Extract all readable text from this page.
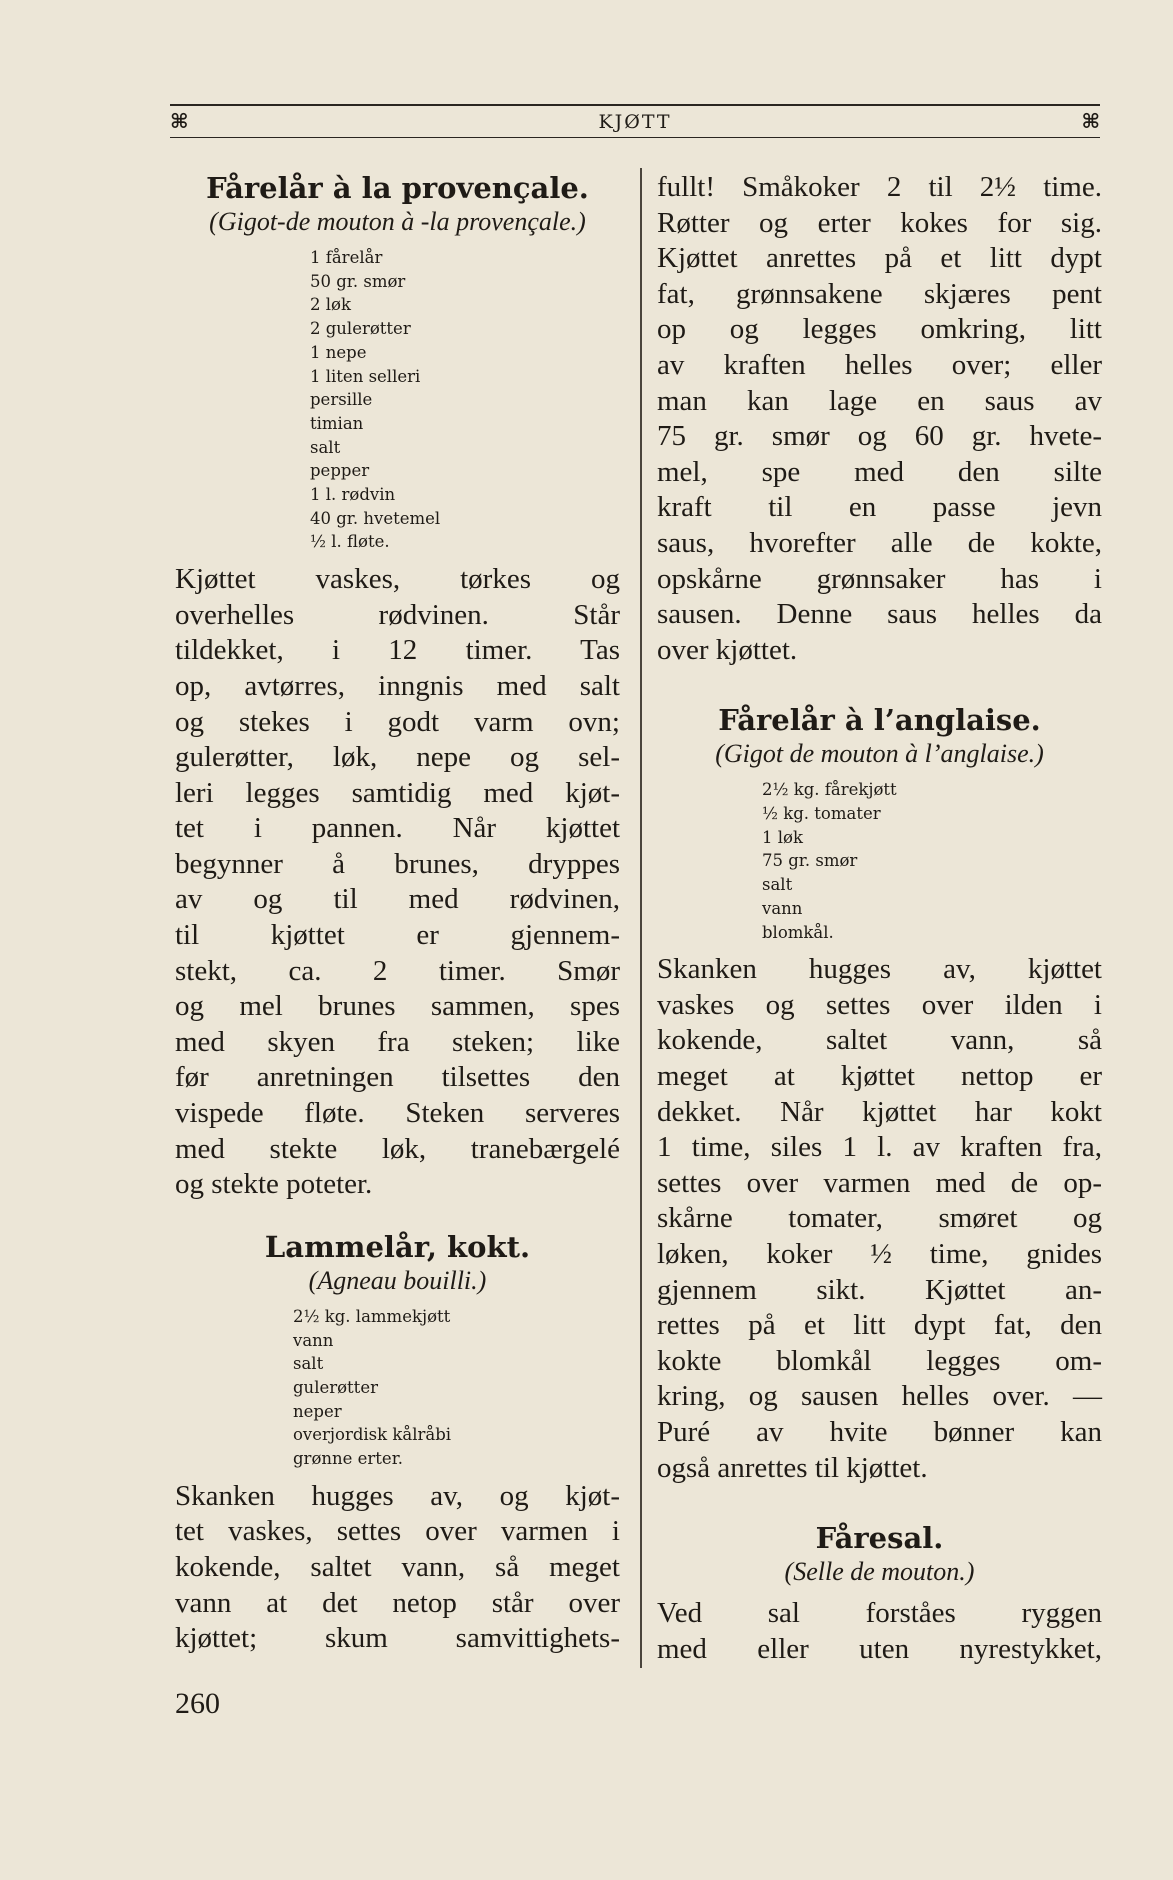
⌘	KJØTT	⌘
Fårelår à la provençale.
(Gigot-de mouton à -la provençale.)
1 fårelår
50 gr. smør
2 løk
2 gulerøtter
1 nepe
1 liten selleri
persille
timian
salt
pepper
1 l. rødvin
40 gr. hvetemel
½ l. fløte.

Kjøttet vaskes, tørkes og
overhelles rødvinen. Står
tildekket, i 12 timer. Tas
op, avtørres, inngnis med salt
og stekes i godt varm ovn;
gulerøtter, løk, nepe og sel-
leri legges samtidig med kjøt-
tet i pannen. Når kjøttet
begynner å brunes, dryppes
av og til med rødvinen,
til kjøttet er gjennem-
stekt, ca. 2 timer. Smør
og mel brunes sammen, spes
med skyen fra steken; like
før anretningen tilsettes den
vispede fløte. Steken serveres
med stekte løk, tranebærgelé
og stekte poteter.

Lammelår, kokt.
(Agneau bouilli.)
2½ kg. lammekjøtt
vann
salt
gulerøtter
neper
overjordisk kålråbi
grønne erter.

Skanken hugges av, og kjøt-
tet vaskes, settes over varmen i
kokende, saltet vann, så meget
vann at det netop står over
kjøttet; skum samvittighets-

fullt! Småkoker 2 til 2½ time.
Røtter og erter kokes for sig.
Kjøttet anrettes på et litt dypt
fat, grønnsakene skjæres pent
op og legges omkring, litt
av kraften helles over; eller
man kan lage en saus av
75 gr. smør og 60 gr. hvete-
mel, spe med den silte
kraft til en passe jevn
saus, hvorefter alle de kokte,
opskårne grønnsaker has i
sausen. Denne saus helles da
over kjøttet.

Fårelår à l’anglaise.
(Gigot de mouton à l’anglaise.)
2½ kg. fårekjøtt
½ kg. tomater
1 løk
75 gr. smør
salt
vann
blomkål.

Skanken hugges av, kjøttet
vaskes og settes over ilden i
kokende, saltet vann, så
meget at kjøttet nettop er
dekket. Når kjøttet har kokt
1 time, siles 1 l. av kraften fra,
settes over varmen med de op-
skårne tomater, smøret og
løken, koker ½ time, gnides
gjennem sikt. Kjøttet an-
rettes på et litt dypt fat, den
kokte blomkål legges om-
kring, og sausen helles over. —
Puré av hvite bønner kan
også anrettes til kjøttet.

Fåresal.
(Selle de mouton.)

Ved sal forståes ryggen
med eller uten nyrestykket,

260
